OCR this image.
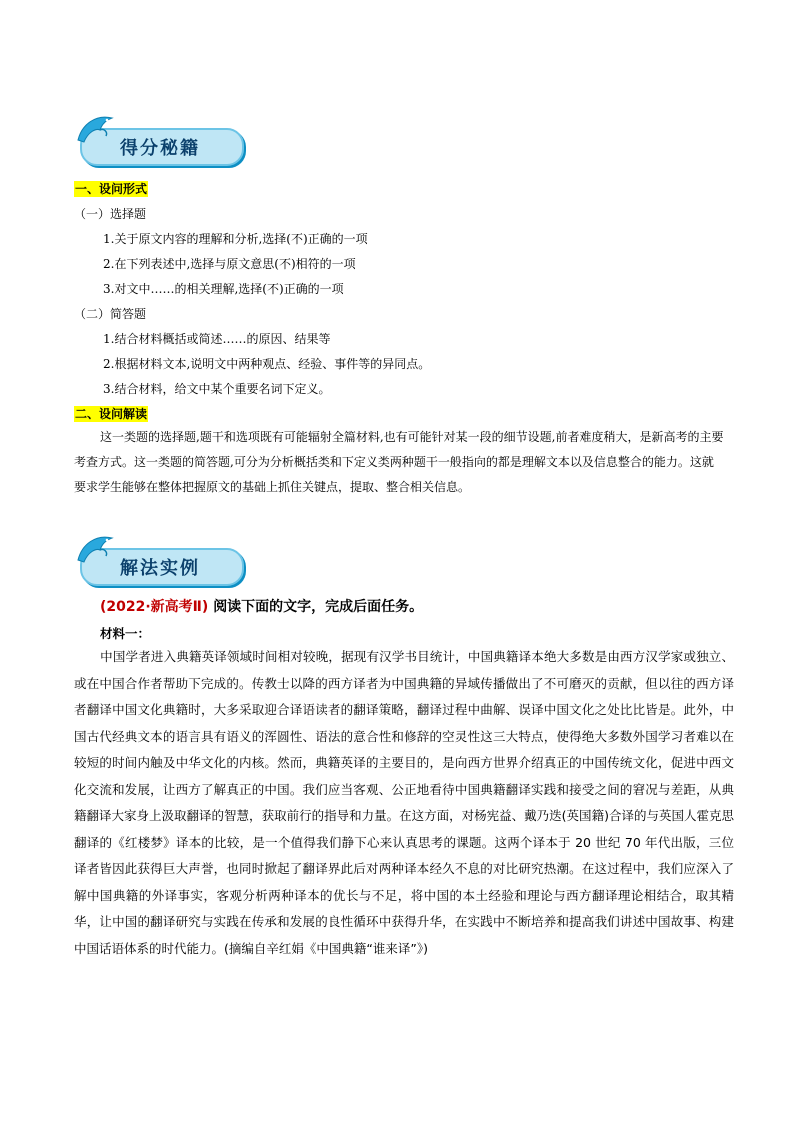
得分秘籍
一、设问形式
（一）选择题
1.关于原文内容的理解和分析,选择(不)正确的一项
2.在下列表述中,选择与原文意思(不)相符的一项
3.对文中……的相关理解,选择(不)正确的一项
（二）简答题
1.结合材料概括或简述……的原因、结果等
2.根据材料文本,说明文中两种观点、经验、事件等的异同点。
3.结合材料，给文中某个重要名词下定义。
二、设问解读
这一类题的选择题,题干和选项既有可能辐射全篇材料,也有可能针对某一段的细节设题,前者难度稍大，是新高考的主要考查方式。这一类题的简答题,可分为分析概括类和下定义类两种题干一般指向的都是理解文本以及信息整合的能力。这就要求学生能够在整体把握原文的基础上抓住关键点，提取、整合相关信息。
解法实例
(2022·新高考Ⅱ) 阅读下面的文字，完成后面任务。
材料一：
中国学者进入典籍英译领域时间相对较晚，据现有汉学书目统计，中国典籍译本绝大多数是由西方汉学家或独立、或在中国合作者帮助下完成的。传教士以降的西方译者为中国典籍的异域传播做出了不可磨灭的贡献，但以往的西方译者翻译中国文化典籍时，大多采取迎合译语读者的翻译策略，翻译过程中曲解、误译中国文化之处比比皆是。此外，中国古代经典文本的语言具有语义的浑圆性、语法的意合性和修辞的空灵性这三大特点，使得绝大多数外国学习者难以在较短的时间内触及中华文化的内核。然而，典籍英译的主要目的，是向西方世界介绍真正的中国传统文化，促进中西文化交流和发展，让西方了解真正的中国。我们应当客观、公正地看待中国典籍翻译实践和接受之间的窘况与差距，从典籍翻译大家身上汲取翻译的智慧，获取前行的指导和力量。在这方面，对杨宪益、戴乃迭(英国籍)合译的与英国人霍克思翻译的《红楼梦》译本的比较，是一个值得我们静下心来认真思考的课题。这两个译本于 20 世纪 70 年代出版，三位译者皆因此获得巨大声誉，也同时掀起了翻译界此后对两种译本经久不息的对比研究热潮。在这过程中，我们应深入了解中国典籍的外译事实，客观分析两种译本的优长与不足，将中国的本土经验和理论与西方翻译理论相结合，取其精华，让中国的翻译研究与实践在传承和发展的良性循环中获得升华，在实践中不断培养和提高我们讲述中国故事、构建中国话语体系的时代能力。(摘编自辛红娟《中国典籍“谁来译”》)
